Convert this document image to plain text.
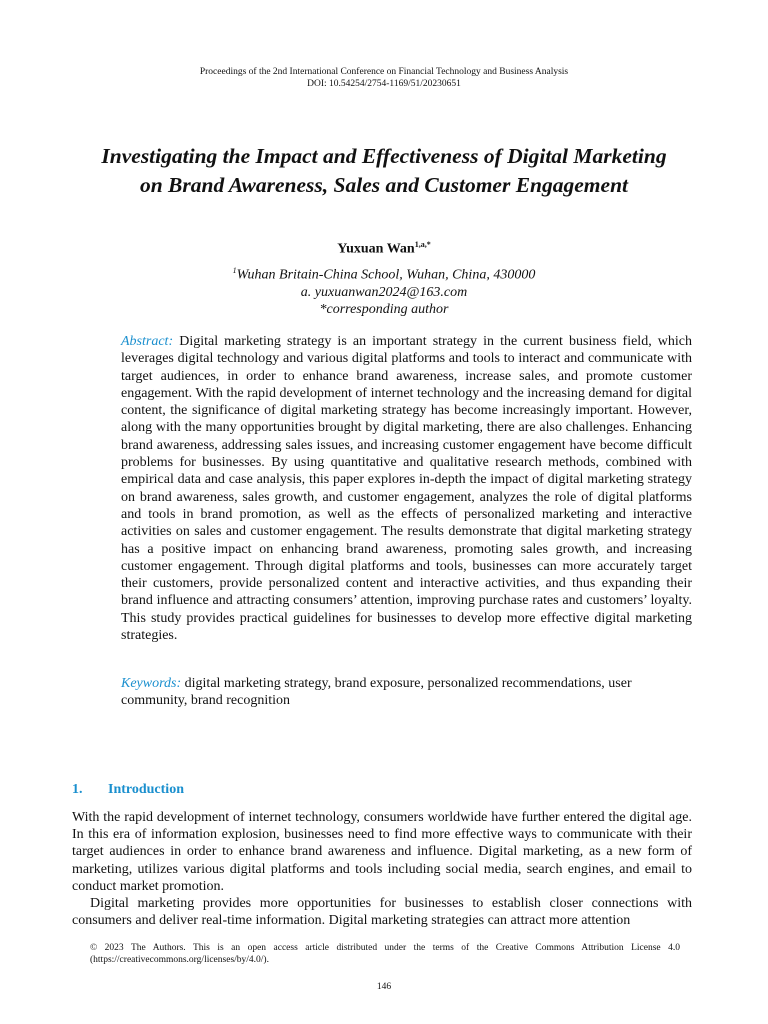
Proceedings of the 2nd International Conference on Financial Technology and Business Analysis
DOI: 10.54254/2754-1169/51/20230651
Investigating the Impact and Effectiveness of Digital Marketing on Brand Awareness, Sales and Customer Engagement
Yuxuan Wan$^{1,a,*}$
$^1$Wuhan Britain-China School, Wuhan, China, 430000
a. yuxuanwan2024@163.com
*corresponding author
Abstract: Digital marketing strategy is an important strategy in the current business field, which leverages digital technology and various digital platforms and tools to interact and communicate with target audiences, in order to enhance brand awareness, increase sales, and promote customer engagement. With the rapid development of internet technology and the increasing demand for digital content, the significance of digital marketing strategy has become increasingly important. However, along with the many opportunities brought by digital marketing, there are also challenges. Enhancing brand awareness, addressing sales issues, and increasing customer engagement have become difficult problems for businesses. By using quantitative and qualitative research methods, combined with empirical data and case analysis, this paper explores in-depth the impact of digital marketing strategy on brand awareness, sales growth, and customer engagement, analyzes the role of digital platforms and tools in brand promotion, as well as the effects of personalized marketing and interactive activities on sales and customer engagement. The results demonstrate that digital marketing strategy has a positive impact on enhancing brand awareness, promoting sales growth, and increasing customer engagement. Through digital platforms and tools, businesses can more accurately target their customers, provide personalized content and interactive activities, and thus expanding their brand influence and attracting consumers’ attention, improving purchase rates and customers’ loyalty. This study provides practical guidelines for businesses to develop more effective digital marketing strategies.
Keywords: digital marketing strategy, brand exposure, personalized recommendations, user community, brand recognition
1. Introduction

With the rapid development of internet technology, consumers worldwide have further entered the digital age. In this era of information explosion, businesses need to find more effective ways to communicate with their target audiences in order to enhance brand awareness and influence. Digital marketing, as a new form of marketing, utilizes various digital platforms and tools including social media, search engines, and email to conduct market promotion.

Digital marketing provides more opportunities for businesses to establish closer connections with consumers and deliver real-time information. Digital marketing strategies can attract more attention

© 2023 The Authors. This is an open access article distributed under the terms of the Creative Commons Attribution License 4.0 (https://creativecommons.org/licenses/by/4.0/).
146
